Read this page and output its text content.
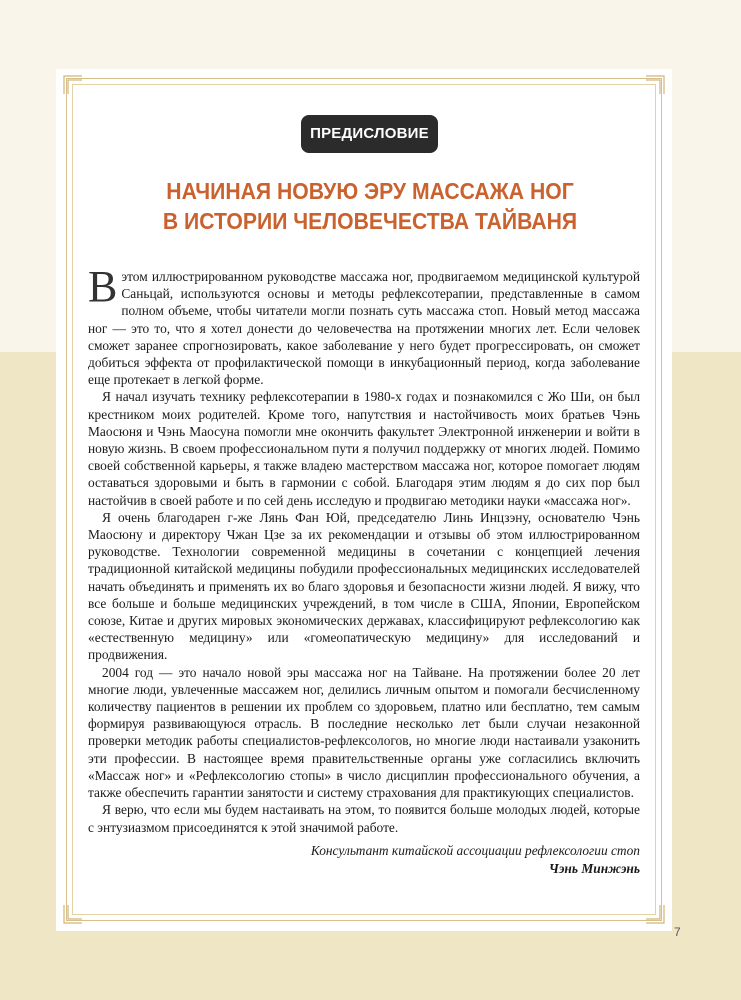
ПРЕДИСЛОВИЕ
НАЧИНАЯ НОВУЮ ЭРУ МАССАЖА НОГ
В ИСТОРИИ ЧЕЛОВЕЧЕСТВА ТАЙВАНЯ

В этом иллюстрированном руководстве массажа ног, продвигаемом медицинской культурой Саньцай, используются основы и методы рефлексотерапии, представленные в самом полном объеме, чтобы читатели могли познать суть массажа стоп. Новый метод массажа ног — это то, что я хотел донести до человечества на протяжении многих лет. Если человек сможет заранее спрогнозировать, какое заболевание у него будет прогрессировать, он сможет добиться эффекта от профилактической помощи в инкубационный период, когда заболевание еще протекает в легкой форме.

Я начал изучать технику рефлексотерапии в 1980-х годах и познакомился с Жо Ши, он был крестником моих родителей. Кроме того, напутствия и настойчивость моих братьев Чэнь Маосюня и Чэнь Маосуна помогли мне окончить факультет Электронной инженерии и войти в новую жизнь. В своем профессиональном пути я получил поддержку от многих людей. Помимо своей собственной карьеры, я также владею мастерством массажа ног, которое помогает людям оставаться здоровыми и быть в гармонии с собой. Благодаря этим людям я до сих пор был настойчив в своей работе и по сей день исследую и продвигаю методики науки «массажа ног».

Я очень благодарен г-же Лянь Фан Юй, председателю Линь Инцзэну, основателю Чэнь Маосюну и директору Чжан Цзе за их рекомендации и отзывы об этом иллюстрированном руководстве. Технологии современной медицины в сочетании с концепцией лечения традиционной китайской медицины побудили профессиональных медицинских исследователей начать объединять и применять их во благо здоровья и безопасности жизни людей. Я вижу, что все больше и больше медицинских учреждений, в том числе в США, Японии, Европейском союзе, Китае и других мировых экономических державах, классифицируют рефлексологию как «естественную медицину» или «гомеопатическую медицину» для исследований и продвижения.

2004 год — это начало новой эры массажа ног на Тайване. На протяжении более 20 лет многие люди, увлеченные массажем ног, делились личным опытом и помогали бесчисленному количеству пациентов в решении их проблем со здоровьем, платно или бесплатно, тем самым формируя развивающуюся отрасль. В последние несколько лет были случаи незаконной проверки методик работы специалистов-рефлексологов, но многие люди настаивали узаконить эти профессии. В настоящее время правительственные органы уже согласились включить «Массаж ног» и «Рефлексологию стопы» в число дисциплин профессионального обучения, а также обеспечить гарантии занятости и систему страхования для практикующих специалистов.

Я верю, что если мы будем настаивать на этом, то появится больше молодых людей, которые с энтузиазмом присоединятся к этой значимой работе.

Консультант китайской ассоциации рефлексологии стоп
Чэнь Минжэнь
7
